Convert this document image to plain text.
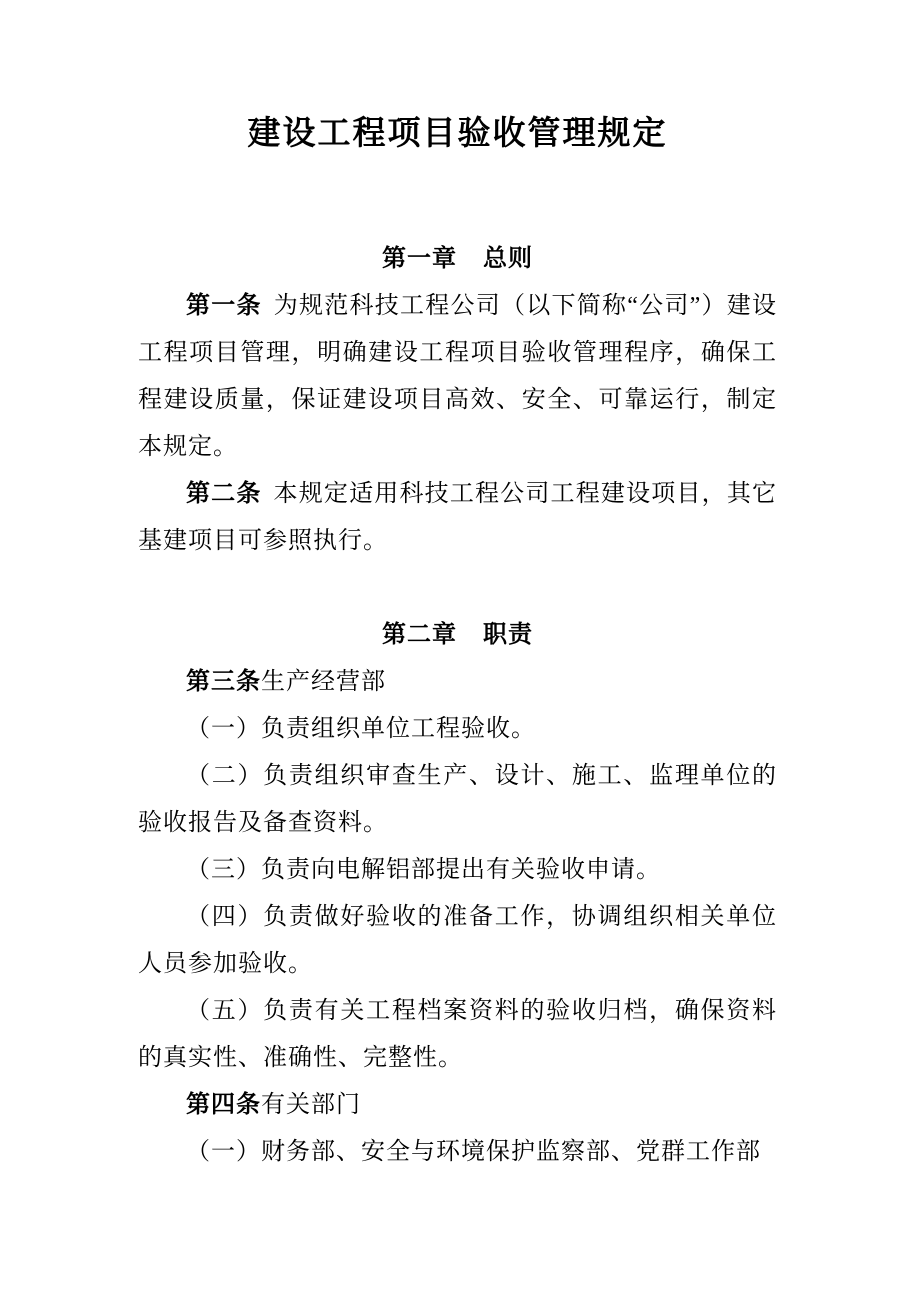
建设工程项目验收管理规定
第一章 总则

第一条 为规范科技工程公司（以下简称“公司”）建设工程项目管理，明确建设工程项目验收管理程序，确保工程建设质量，保证建设项目高效、安全、可靠运行，制定本规定。

第二条 本规定适用科技工程公司工程建设项目，其它基建项目可参照执行。

第二章 职责

第三条生产经营部

（一）负责组织单位工程验收。

（二）负责组织审查生产、设计、施工、监理单位的验收报告及备查资料。

（三）负责向电解铝部提出有关验收申请。

（四）负责做好验收的准备工作，协调组织相关单位人员参加验收。

（五）负责有关工程档案资料的验收归档，确保资料的真实性、准确性、完整性。

第四条有关部门

（一）财务部、安全与环境保护监察部、党群工作部
